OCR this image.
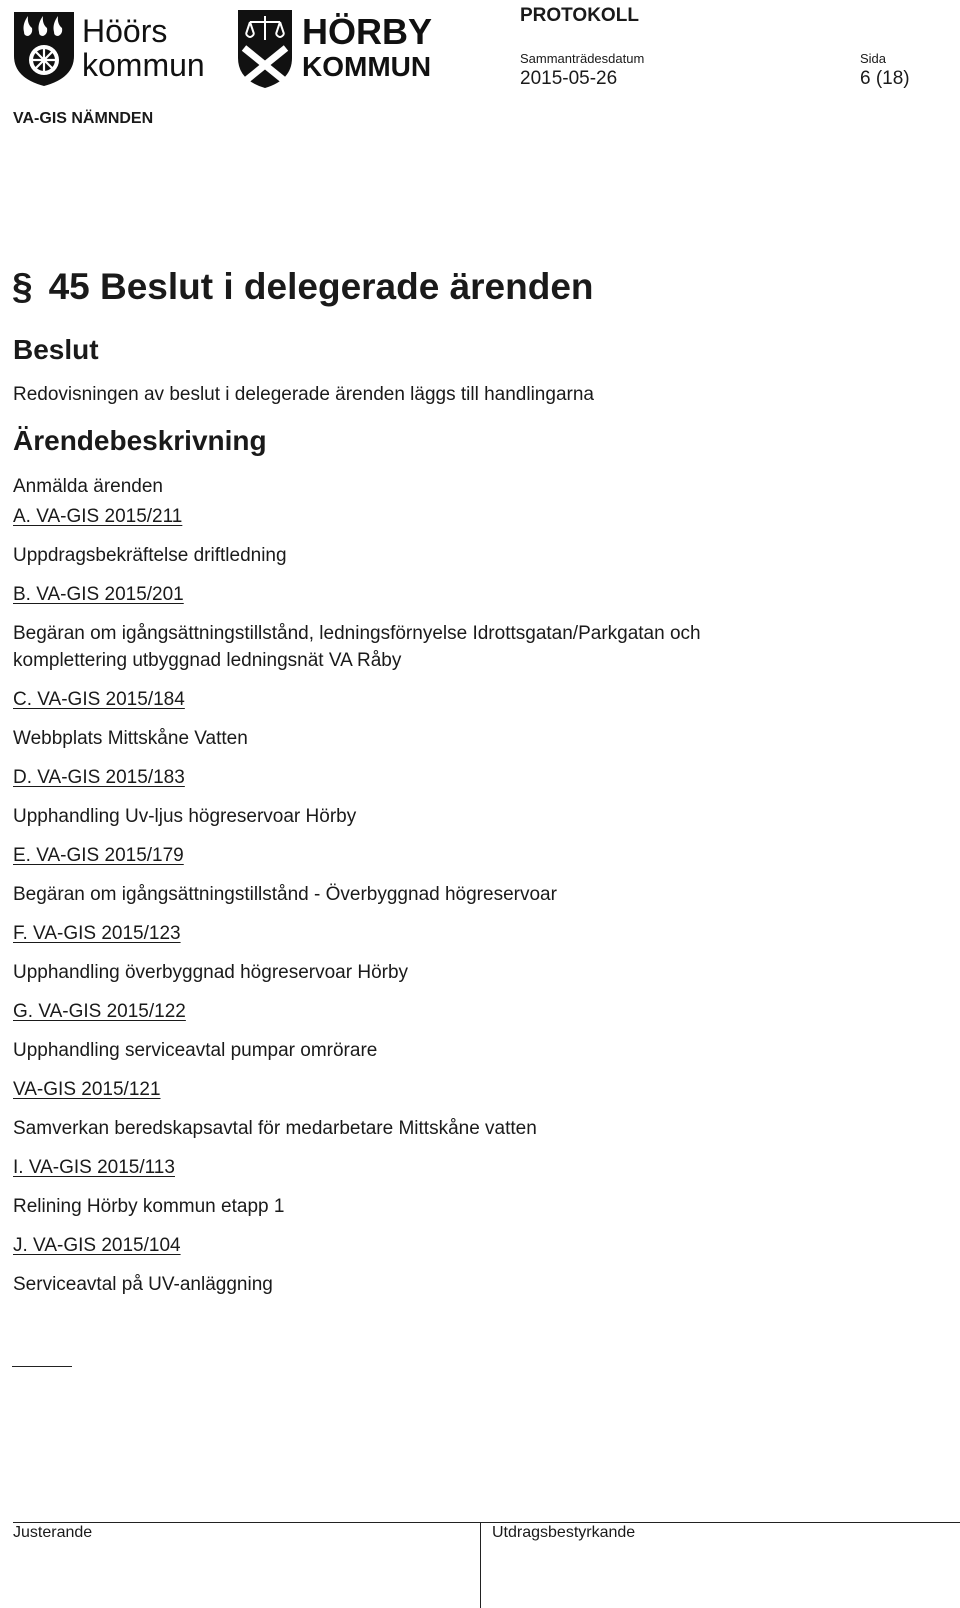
Höörs
kommun
HÖRBY
KOMMUN
PROTOKOLL
Sammanträdesdatum	Sida
2015-05-26	6 (18)
VA-GIS NÄMNDEN
§ 45 Beslut i delegerade ärenden
Beslut
Redovisningen av beslut i delegerade ärenden läggs till handlingarna
Ärendebeskrivning
Anmälda ärenden
A. VA-GIS 2015/211
Uppdragsbekräftelse driftledning
B. VA-GIS 2015/201
Begäran om igångsättningstillstånd, ledningsförnyelse Idrottsgatan/Parkgatan och komplettering utbyggnad ledningsnät VA Råby
C. VA-GIS 2015/184
Webbplats Mittskåne Vatten
D. VA-GIS 2015/183
Upphandling Uv-ljus högreservoar Hörby
E. VA-GIS 2015/179
Begäran om igångsättningstillstånd - Överbyggnad högreservoar
F. VA-GIS 2015/123
Upphandling överbyggnad högreservoar Hörby
G. VA-GIS 2015/122
Upphandling serviceavtal pumpar omrörare
VA-GIS 2015/121
Samverkan beredskapsavtal för medarbetare Mittskåne vatten
I. VA-GIS 2015/113
Relining Hörby kommun etapp 1
J. VA-GIS 2015/104
Serviceavtal på UV-anläggning
Justerande	Utdragsbestyrkande
